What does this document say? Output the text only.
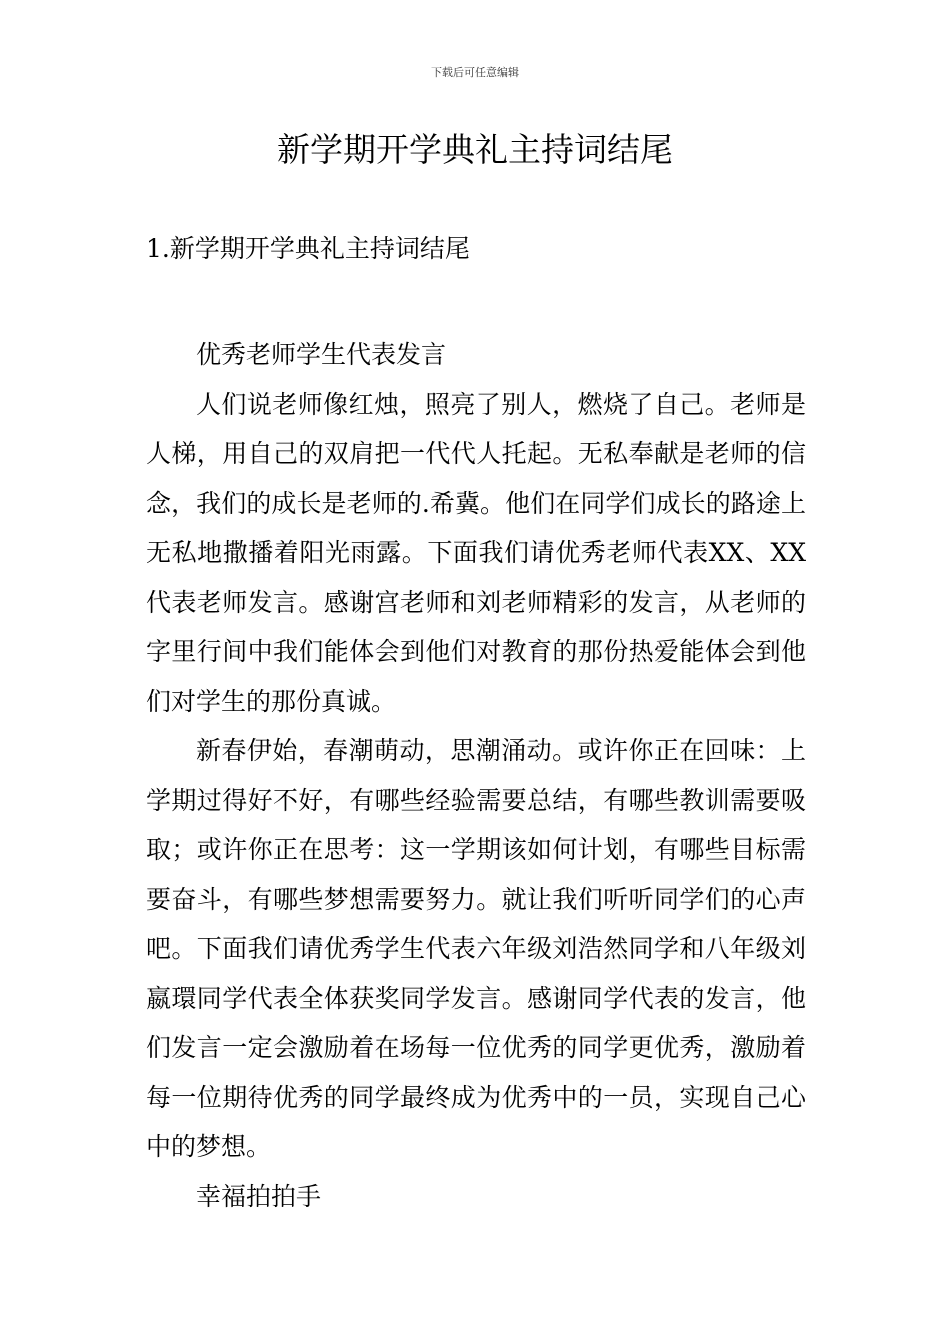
下载后可任意编辑
新学期开学典礼主持词结尾
1.新学期开学典礼主持词结尾

优秀老师学生代表发言

人们说老师像红烛，照亮了别人，燃烧了自己。老师是人梯，用自己的双肩把一代代人托起。无私奉献是老师的信念，我们的成长是老师的.希冀。他们在同学们成长的路途上无私地撒播着阳光雨露。下面我们请优秀老师代表XX、XX代表老师发言。感谢宫老师和刘老师精彩的发言，从老师的字里行间中我们能体会到他们对教育的那份热爱能体会到他们对学生的那份真诚。

新春伊始，春潮萌动，思潮涌动。或许你正在回味：上学期过得好不好，有哪些经验需要总结，有哪些教训需要吸取；或许你正在思考：这一学期该如何计划，有哪些目标需要奋斗，有哪些梦想需要努力。就让我们听听同学们的心声吧。下面我们请优秀学生代表六年级刘浩然同学和八年级刘嬴環同学代表全体获奖同学发言。感谢同学代表的发言，他们发言一定会激励着在场每一位优秀的同学更优秀，激励着每一位期待优秀的同学最终成为优秀中的一员，实现自己心中的梦想。

幸福拍拍手
